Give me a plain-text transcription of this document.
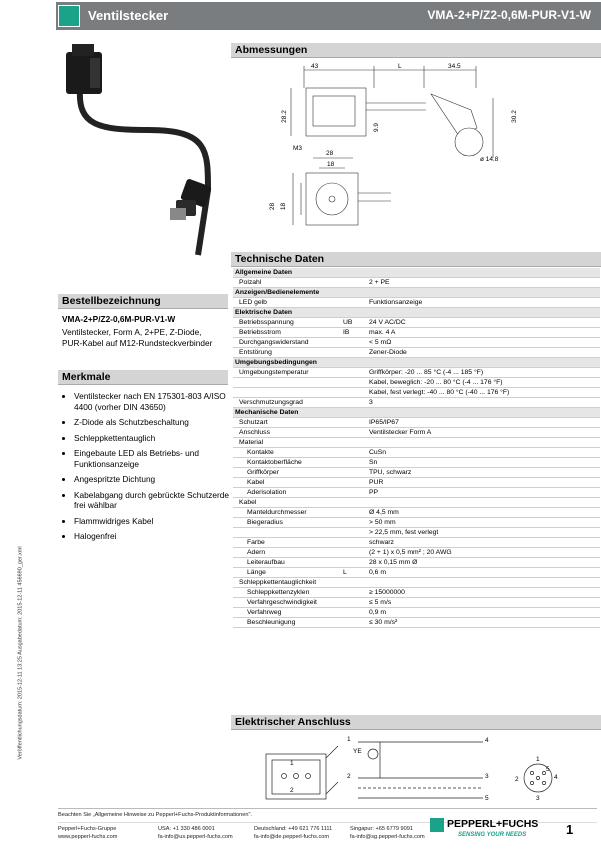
Ventilstecker	VMA-2+P/Z2-0,6M-PUR-V1-W
Abmessungen
43	L	34.5
28.2
9.9
30.2
ø 14.8
M3
28
18
28 18
Bestellbezeichnung
VMA-2+P/Z2-0,6M-PUR-V1-W
Ventilstecker, Form A, 2+PE, Z-Diode, PUR-Kabel auf M12-Rundsteckverbinder
Merkmale
• Ventilstecker nach EN 175301-803 A/ISO 4400 (vorher DIN 43650)
• Z-Diode als Schutzbeschaltung
• Schleppkettentauglich
• Eingebaute LED als Betriebs- und Funktionsanzeige
• Angespritzte Dichtung
• Kabelabgang durch gebrückte Schutzerde frei wählbar
• Flammwidriges Kabel
• Halogenfrei
Technische Daten
Allgemeine Daten		
Polzahl		2 + PE
Anzeigen/Bedienelemente		
LED gelb		Funktionsanzeige
Elektrische Daten		
Betriebsspannung	UB	24 V AC/DC
Betriebsstrom	IB	max. 4 A
Durchgangswiderstand		< 5 mΩ
Entstörung		Zener-Diode
Umgebungsbedingungen		
Umgebungstemperatur		Griffkörper: -20 ... 85 °C (-4 ... 185 °F)
		Kabel, beweglich: -20 ... 80 °C (-4 ... 176 °F)
		Kabel, fest verlegt: -40 ... 80 °C (-40 ... 176 °F)
Verschmutzungsgrad		3
Mechanische Daten		
Schutzart		IP65/IP67
Anschluss		Ventilstecker Form A
Material		
Kontakte		CuSn
Kontaktoberfläche		Sn
Griffkörper		TPU, schwarz
Kabel		PUR
Aderisolation		PP
Kabel		
Manteldurchmesser		Ø 4,5 mm
Biegeradius		> 50 mm
		> 22,5 mm, fest verlegt
Farbe		schwarz
Adern		(2 + 1) x 0,5 mm² ; 20 AWG
Leiteraufbau		28 x 0,15 mm Ø
Länge	L	0,6 m
Schleppkettentauglichkeit		
Schleppkettenzyklen		≥ 15000000
Verfahrgeschwindigkeit		≤ 5 m/s
Verfahrweg		0,9 m
Beschleunigung		≤ 30 m/s²
Elektrischer Anschluss
1
YE
4
2	3
5
1
2	4
3
5
1
2
Veröffentlichungsdatum: 2015-12-11 13:25 Ausgabedatum: 2015-12-11 456690_ger.xml
Beachten Sie „Allgemeine Hinweise zu Pepperl+Fuchs-Produktinformationen".
Pepperl+Fuchs-Gruppe
www.pepperl-fuchs.com
USA: +1 330 486 0001
fa-info@us.pepperl-fuchs.com
Deutschland: +49 621 776 1111
fa-info@de.pepperl-fuchs.com
Singapur: +65 6779 9091
fa-info@sg.pepperl-fuchs.com
PEPPERL+FUCHS
SENSING YOUR NEEDS	1
